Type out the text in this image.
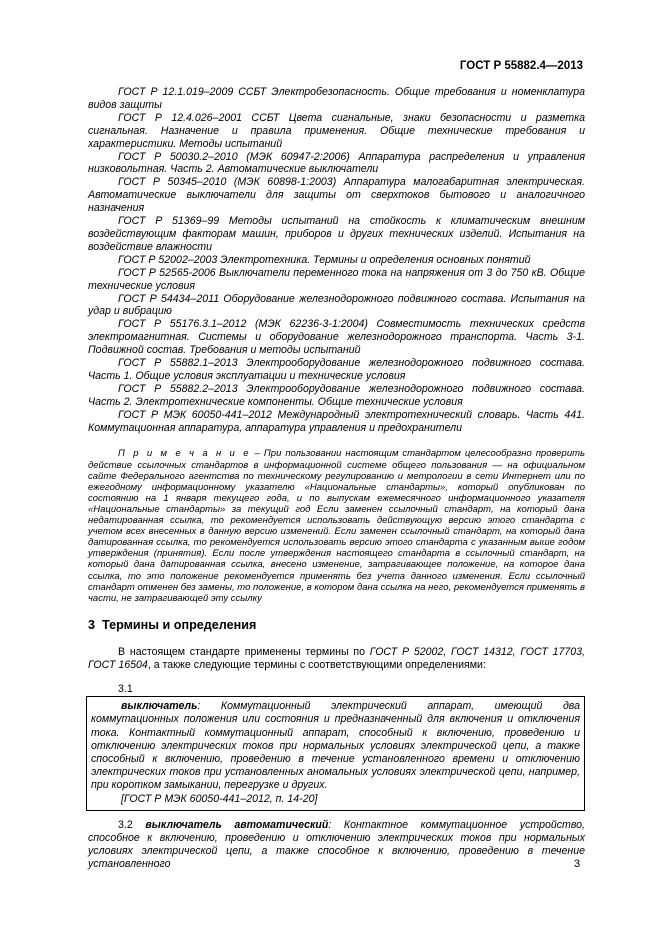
ГОСТ Р 55882.4—2013

ГОСТ Р 12.1.019–2009 ССБТ Электробезопасность. Общие требования и номенклатура видов защиты

ГОСТ Р 12.4.026–2001 ССБТ Цвета сигнальные, знаки безопасности и разметка сигнальная. Назначение и правила применения. Общие технические требования и характеристики. Методы испытаний

ГОСТ Р 50030.2–2010 (МЭК 60947-2:2006) Аппаратура распределения и управления низковольтная. Часть 2. Автоматические выключатели

ГОСТ Р 50345–2010 (МЭК 60898-1:2003) Аппаратура малогабаритная электрическая. Автоматические выключатели для защиты от сверхтоков бытового и аналогичного назначения

ГОСТ Р 51369–99 Методы испытаний на стойкость к климатическим внешним воздействующим факторам машин, приборов и других технических изделий. Испытания на воздействие влажности

ГОСТ Р 52002–2003 Электротехника. Термины и определения основных понятий

ГОСТ Р 52565-2006 Выключатели переменного тока на напряжения от 3 до 750 кВ. Общие технические условия

ГОСТ Р 54434–2011 Оборудование железнодорожного подвижного состава. Испытания на удар и вибрацию

ГОСТ Р 55176.3.1–2012 (МЭК 62236-3-1:2004) Совместимость технических средств электромагнитная. Системы и оборудование железнодорожного транспорта. Часть 3-1. Подвижной состав. Требования и методы испытаний

ГОСТ Р 55882.1–2013 Электрооборудование железнодорожного подвижного состава. Часть 1. Общие условия эксплуатации и технические условия

ГОСТ Р 55882.2–2013 Электрооборудование железнодорожного подвижного состава. Часть 2. Электротехнические компоненты. Общие технические условия

ГОСТ Р МЭК 60050-441–2012 Международный электротехнический словарь. Часть 441. Коммутационная аппаратура, аппаратура управления и предохранители

П р и м е ч а н и е – При пользовании настоящим стандартом целесообразно проверить действие ссылочных стандартов в информационной системе общего пользования — на официальном сайте Федерального агентства по техническому регулированию и метрологии в сети Интернет или по ежегодному информационному указателю «Национальные стандарты», который опубликован по состоянию на 1 января текущего года, и по выпускам ежемесячного информационного указателя «Национальные стандарты» за текущий год Если заменен ссылочный стандарт, на который дана недатированная ссылка, то рекомендуется использовать действующую версию этого стандарта с учетом всех внесенных в данную версию изменений. Если заменен ссылочный стандарт, на который дана датированная ссылка, то рекомендуется использовать версию этого стандарта с указанным выше годом утверждения (принятия). Если после утверждения настоящего стандарта в ссылочный стандарт, на который дана датированная ссылка, внесено изменение, затрагивающее положение, на которое дана ссылка, то это положение рекомендуется применять без учета данного изменения. Если ссылочный стандарт отменен без замены, то положение, в котором дана ссылка на него, рекомендуется применять в части, не затрагивающей эту ссылку

3 Термины и определения

В настоящем стандарте применены термины по ГОСТ Р 52002, ГОСТ 14312, ГОСТ 17703, ГОСТ 16504, а также следующие термины с соответствующими определениями:

3.1
выключатель: Коммутационный электрический аппарат, имеющий два коммутационных положения или состояния и предназначенный для включения и отключения тока. Контактный коммутационный аппарат, способный к включению, проведению и отключению электрических токов при нормальных условиях электрической цепи, а также способный к включению, проведению в течение установленного времени и отключению электрических токов при установленных аномальных условиях электрической цепи, например, при коротком замыкании, перегрузке и других.
[ГОСТ Р МЭК 60050-441–2012, п. 14-20]

3.2 выключатель автоматический: Контактное коммутационное устройство, способное к включению, проведению и отключению электрических токов при нормальных условиях электрической цепи, а также способное к включению, проведению в течение установленного	3
